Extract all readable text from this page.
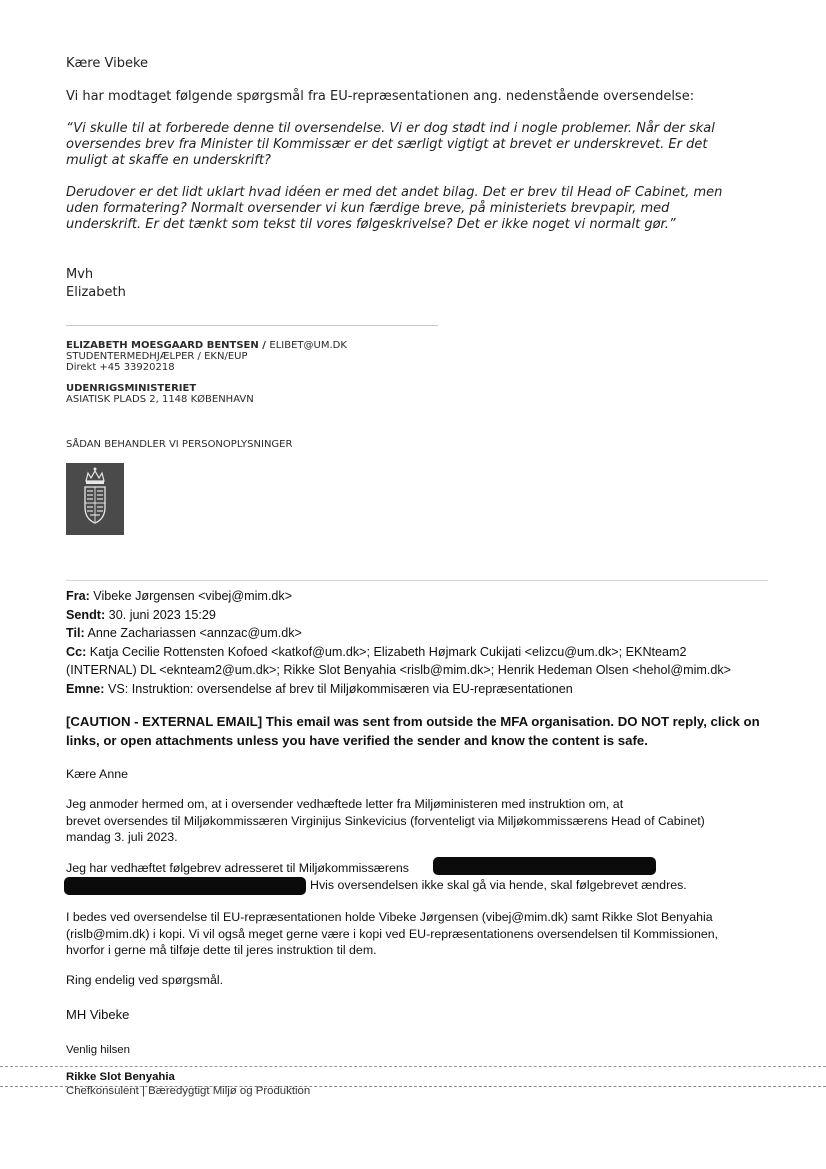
Kære Vibeke
Vi har modtaget følgende spørgsmål fra EU-repræsentationen ang. nedenstående oversendelse:
“Vi skulle til at forberede denne til oversendelse. Vi er dog stødt ind i nogle problemer. Når der skal
oversendes brev fra Minister til Kommissær er det særligt vigtigt at brevet er underskrevet. Er det
muligt at skaffe en underskrift?
Derudover er det lidt uklart hvad idéen er med det andet bilag. Det er brev til Head oF Cabinet, men
uden formatering? Normalt oversender vi kun færdige breve, på ministeriets brevpapir, med
underskrift. Er det tænkt som tekst til vores følgeskrivelse? Det er ikke noget vi normalt gør.”
Mvh
Elizabeth
ELIZABETH MOESGAARD BENTSEN / ELIBET@UM.DK
STUDENTERMEDHJÆLPER / EKN/EUP
Direkt +45 33920218
UDENRIGSMINISTERIET
ASIATISK PLADS 2, 1148 KØBENHAVN
SÅDAN BEHANDLER VI PERSONOPLYSNINGER
Fra: Vibeke Jørgensen <vibej@mim.dk>
Sendt: 30. juni 2023 15:29
Til: Anne Zachariassen <annzac@um.dk>
Cc: Katja Cecilie Rottensten Kofoed <katkof@um.dk>; Elizabeth Højmark Cukijati <elizcu@um.dk>; EKNteam2
(INTERNAL) DL <eknteam2@um.dk>; Rikke Slot Benyahia <rislb@mim.dk>; Henrik Hedeman Olsen <hehol@mim.dk>
Emne: VS: Instruktion: oversendelse af brev til Miljøkommisæren via EU-repræsentationen
[CAUTION - EXTERNAL EMAIL] This email was sent from outside the MFA organisation. DO NOT reply, click on
links, or open attachments unless you have verified the sender and know the content is safe.
Kære Anne
Jeg anmoder hermed om, at i oversender vedhæftede letter fra Miljøministeren med instruktion om, at
brevet oversendes til Miljøkommissæren Virginijus Sinkevicius (forventeligt via Miljøkommissærens Head of Cabinet)
mandag 3. juli 2023.
Jeg har vedhæftet følgebrev adresseret til Miljøkommissærens
Hvis oversendelsen ikke skal gå via hende, skal følgebrevet ændres.
I bedes ved oversendelse til EU-repræsentationen holde Vibeke Jørgensen (vibej@mim.dk) samt Rikke Slot Benyahia
(rislb@mim.dk) i kopi. Vi vil også meget gerne være i kopi ved EU-repræsentationens oversendelsen til Kommissionen,
hvorfor i gerne må tilføje dette til jeres instruktion til dem.
Ring endelig ved spørgsmål.
MH Vibeke
Venlig hilsen
Rikke Slot Benyahia
Chefkonsulent | Bæredygtigt Miljø og Produktion
